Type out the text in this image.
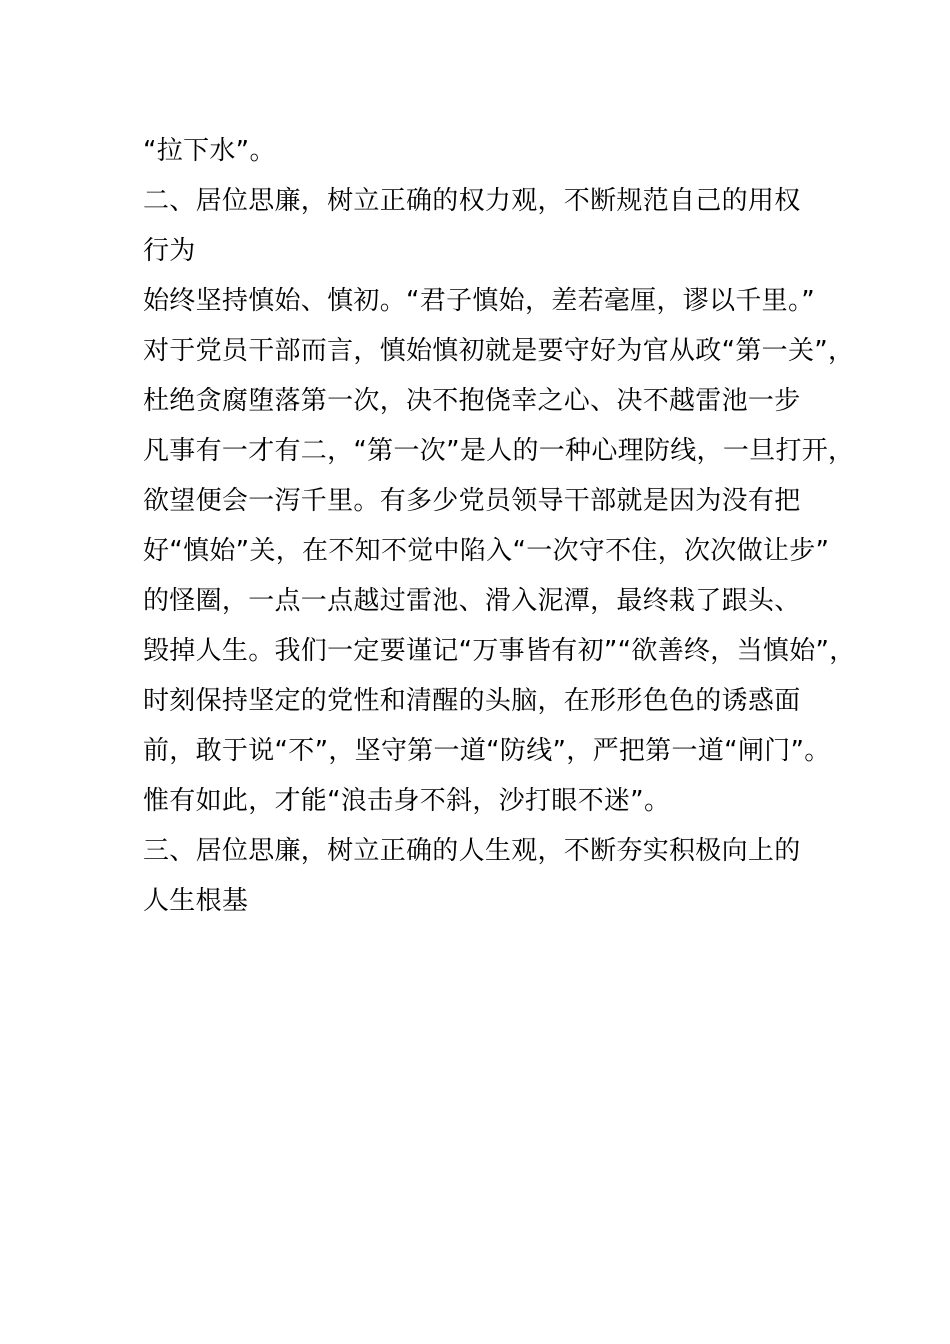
“拉下水”。
二、居位思廉，树立正确的权力观，不断规范自己的用权
行为
始终坚持慎始、慎初。“君子慎始，差若毫厘，谬以千里。”
对于党员干部而言，慎始慎初就是要守好为官从政“第一关”，
杜绝贪腐堕落第一次，决不抱侥幸之心、决不越雷池一步
凡事有一才有二，“第一次”是人的一种心理防线，一旦打开，
欲望便会一泻千里。有多少党员领导干部就是因为没有把
好“慎始”关，在不知不觉中陷入“一次守不住，次次做让步”
的怪圈，一点一点越过雷池、滑入泥潭，最终栽了跟头、
毁掉人生。我们一定要谨记“万事皆有初”“欲善终，当慎始”，
时刻保持坚定的党性和清醒的头脑，在形形色色的诱惑面
前，敢于说“不”，坚守第一道“防线”，严把第一道“闸门”。
惟有如此，才能“浪击身不斜，沙打眼不迷”。
三、居位思廉，树立正确的人生观，不断夯实积极向上的
人生根基
